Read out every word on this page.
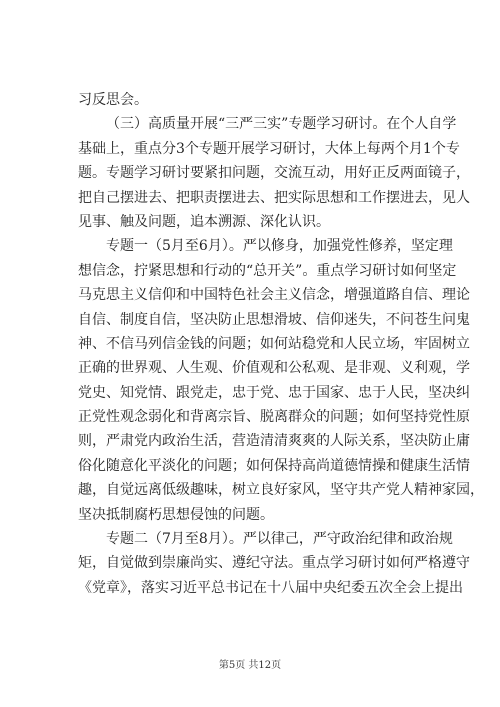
习反思会。
（三）高质量开展“三严三实”专题学习研讨。在个人自学
基础上，重点分3个专题开展学习研讨，大体上每两个月1个专
题。专题学习研讨要紧扣问题，交流互动，用好正反两面镜子，
把自己摆进去、把职责摆进去、把实际思想和工作摆进去，见人
见事、触及问题，追本溯源、深化认识。
专题一（5月至6月）。严以修身，加强党性修养，坚定理
想信念，拧紧思想和行动的“总开关”。重点学习研讨如何坚定
马克思主义信仰和中国特色社会主义信念，增强道路自信、理论
自信、制度自信，坚决防止思想滑坡、信仰迷失，不问苍生问鬼
神、不信马列信金钱的问题；如何站稳党和人民立场，牢固树立
正确的世界观、人生观、价值观和公私观、是非观、义利观，学
党史、知党情、跟党走，忠于党、忠于国家、忠于人民，坚决纠
正党性观念弱化和背离宗旨、脱离群众的问题；如何坚持党性原
则，严肃党内政治生活，营造清清爽爽的人际关系，坚决防止庸
俗化随意化平淡化的问题；如何保持高尚道德情操和健康生活情
趣，自觉远离低级趣味，树立良好家风，坚守共产党人精神家园，
坚决抵制腐朽思想侵蚀的问题。
专题二（7月至8月）。严以律己，严守政治纪律和政治规
矩，自觉做到崇廉尚实、遵纪守法。重点学习研讨如何严格遵守
《党章》，落实习近平总书记在十八届中央纪委五次全会上提出
第5页 共12页
